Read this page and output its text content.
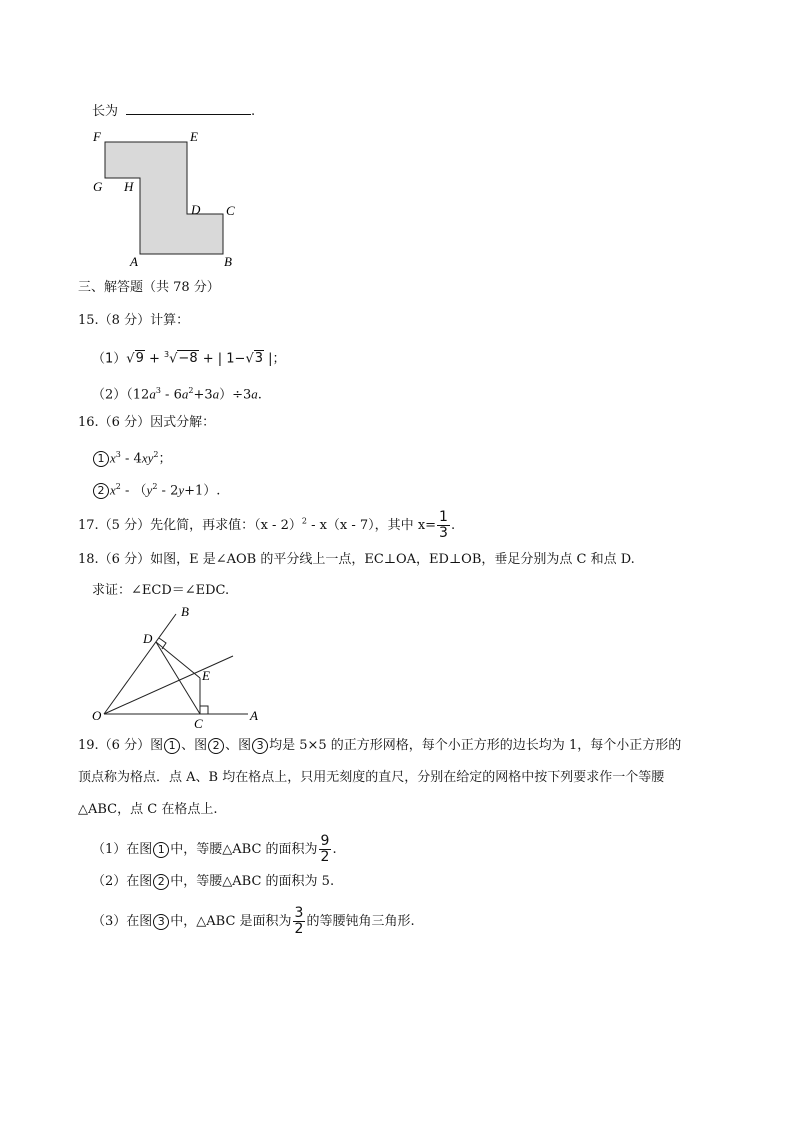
长为	.
F	E
G H
D C
A	B
三、解答题（共 78 分）
15.（8 分）计算：
（1）√9 + $^3$√−8 + | 1−√3 |；
$(2)(12a^3 - 6a^2+3a)\div 3a$.
16.（6 分）因式分解：
1 $x^3 - 4xy^2$；
2 $x^2 - (y^2 - 2y+1)$.
17.（5 分）先化简，再求值：（x - 2）$^2$ - x（x - 7），其中 $x= \frac{1}{3}$ .
18.（6 分）如图，E 是∠AOB 的平分线上一点，EC⊥OA，ED⊥OB，垂足分别为点 C 和点 D.
求证：∠ECD＝∠EDC.
B
D
E
O
C
A
19.（6 分）图 1 、图 2 、图 3 均是 5×5 的正方形网格，每个小正方形的边长均为 1，每个小正方形的
顶点称为格点．点 A、B 均在格点上，只用无刻度的直尺，分别在给定的网格中按下列要求作一个等腰
△ABC，点 C 在格点上.
（1）在图 1 中，等腰△ABC 的面积为 $\frac{9}{2}$ .
（2）在图 2 中，等腰△ABC 的面积为 5.
（3）在图 3 中，△ABC 是面积为 $\frac{3}{2}$ 的等腰钝角三角形.
